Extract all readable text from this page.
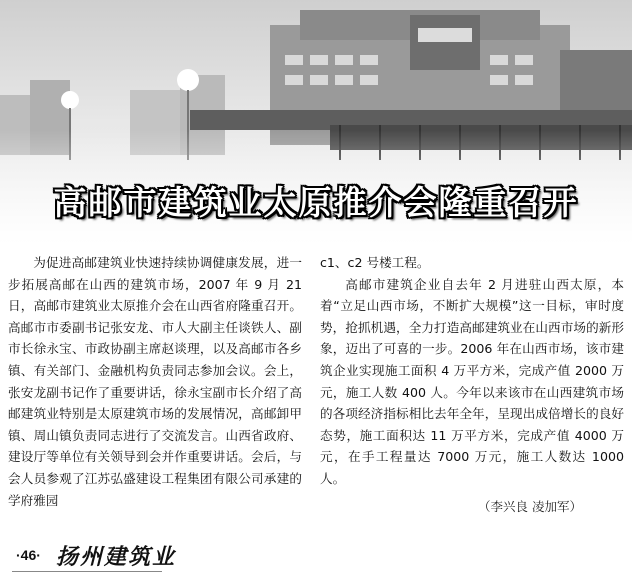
高邮市建筑业太原推介会隆重召开

为促进高邮建筑业快速持续协调健康发展，进一步拓展高邮在山西的建筑市场，2007 年 9 月 21 日，高邮市建筑业太原推介会在山西省府隆重召开。高邮市市委副书记张安龙、市人大副主任谈铁人、副市长徐永宝、市政协副主席赵谈理，以及高邮市各乡镇、有关部门、金融机构负责同志参加会议。会上，张安龙副书记作了重要讲话，徐永宝副市长介绍了高邮建筑业特别是太原建筑市场的发展情况，高邮卸甲镇、周山镇负责同志进行了交流发言。山西省政府、建设厅等单位有关领导到会并作重要讲话。会后，与会人员参观了江苏弘盛建设工程集团有限公司承建的学府雅园

c1、c2 号楼工程。

高邮市建筑企业自去年 2 月进驻山西太原，本着“立足山西市场，不断扩大规模”这一目标，审时度势，抢抓机遇，全力打造高邮建筑业在山西市场的新形象，迈出了可喜的一步。2006 年在山西市场，该市建筑企业实现施工面积 4 万平方米，完成产值 2000 万元，施工人数 400 人。今年以来该市在山西建筑市场的各项经济指标相比去年全年，呈现出成倍增长的良好态势，施工面积达 11 万平方米，完成产值 4000 万元，在手工程量达 7000 万元，施工人数达 1000 人。

（李兴良 凌加军）
·46· 扬州建筑业
